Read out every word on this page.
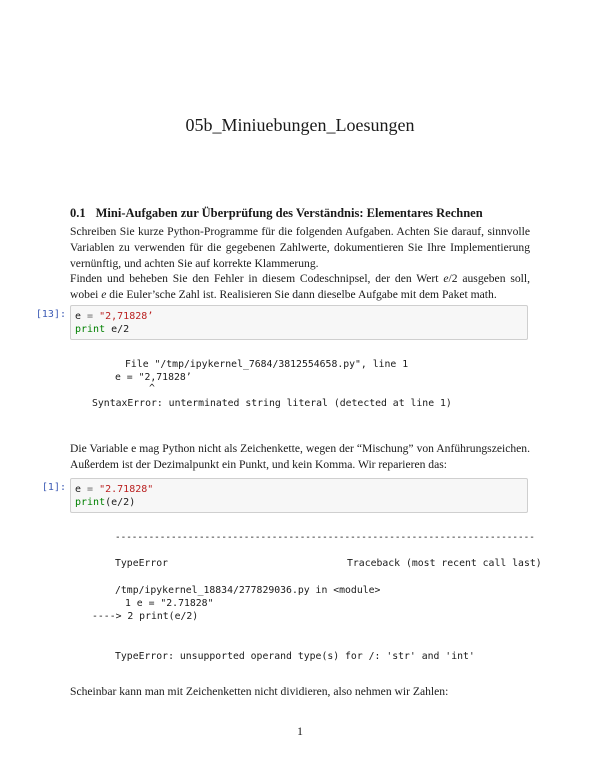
05b_Miniuebungen_Loesungen
0.1 Mini-Aufgaben zur Überprüfung des Verständnis: Elementares Rechnen
Schreiben Sie kurze Python-Programme für die folgenden Aufgaben. Achten Sie darauf, sinnvolle Variablen zu verwenden für die gegebenen Zahlwerte, dokumentieren Sie Ihre Implementierung vernünftig, und achten Sie auf korrekte Klammerung.
Finden und beheben Sie den Fehler in diesem Codeschnipsel, der den Wert e/2 ausgeben soll, wobei e die Euler’sche Zahl ist. Realisieren Sie dann dieselbe Aufgabe mit dem Paket math.
[13]: e = "2,71828’
print e/2
File "/tmp/ipykernel_7684/3812554658.py", line 1
e = "2,71828’
^
SyntaxError: unterminated string literal (detected at line 1)
Die Variable e mag Python nicht als Zeichenkette, wegen der “Mischung” von Anführungszeichen. Außerdem ist der Dezimalpunkt ein Punkt, und kein Komma. Wir reparieren das:
[1]: e = "2.71828"
print(e/2)
---------------------------------------------------------------------------
TypeError	Traceback (most recent call last)
/tmp/ipykernel_18834/277829036.py in <module>
1 e = "2.71828"
----> 2 print(e/2)
TypeError: unsupported operand type(s) for /: 'str' and 'int'
Scheinbar kann man mit Zeichenketten nicht dividieren, also nehmen wir Zahlen:
1
